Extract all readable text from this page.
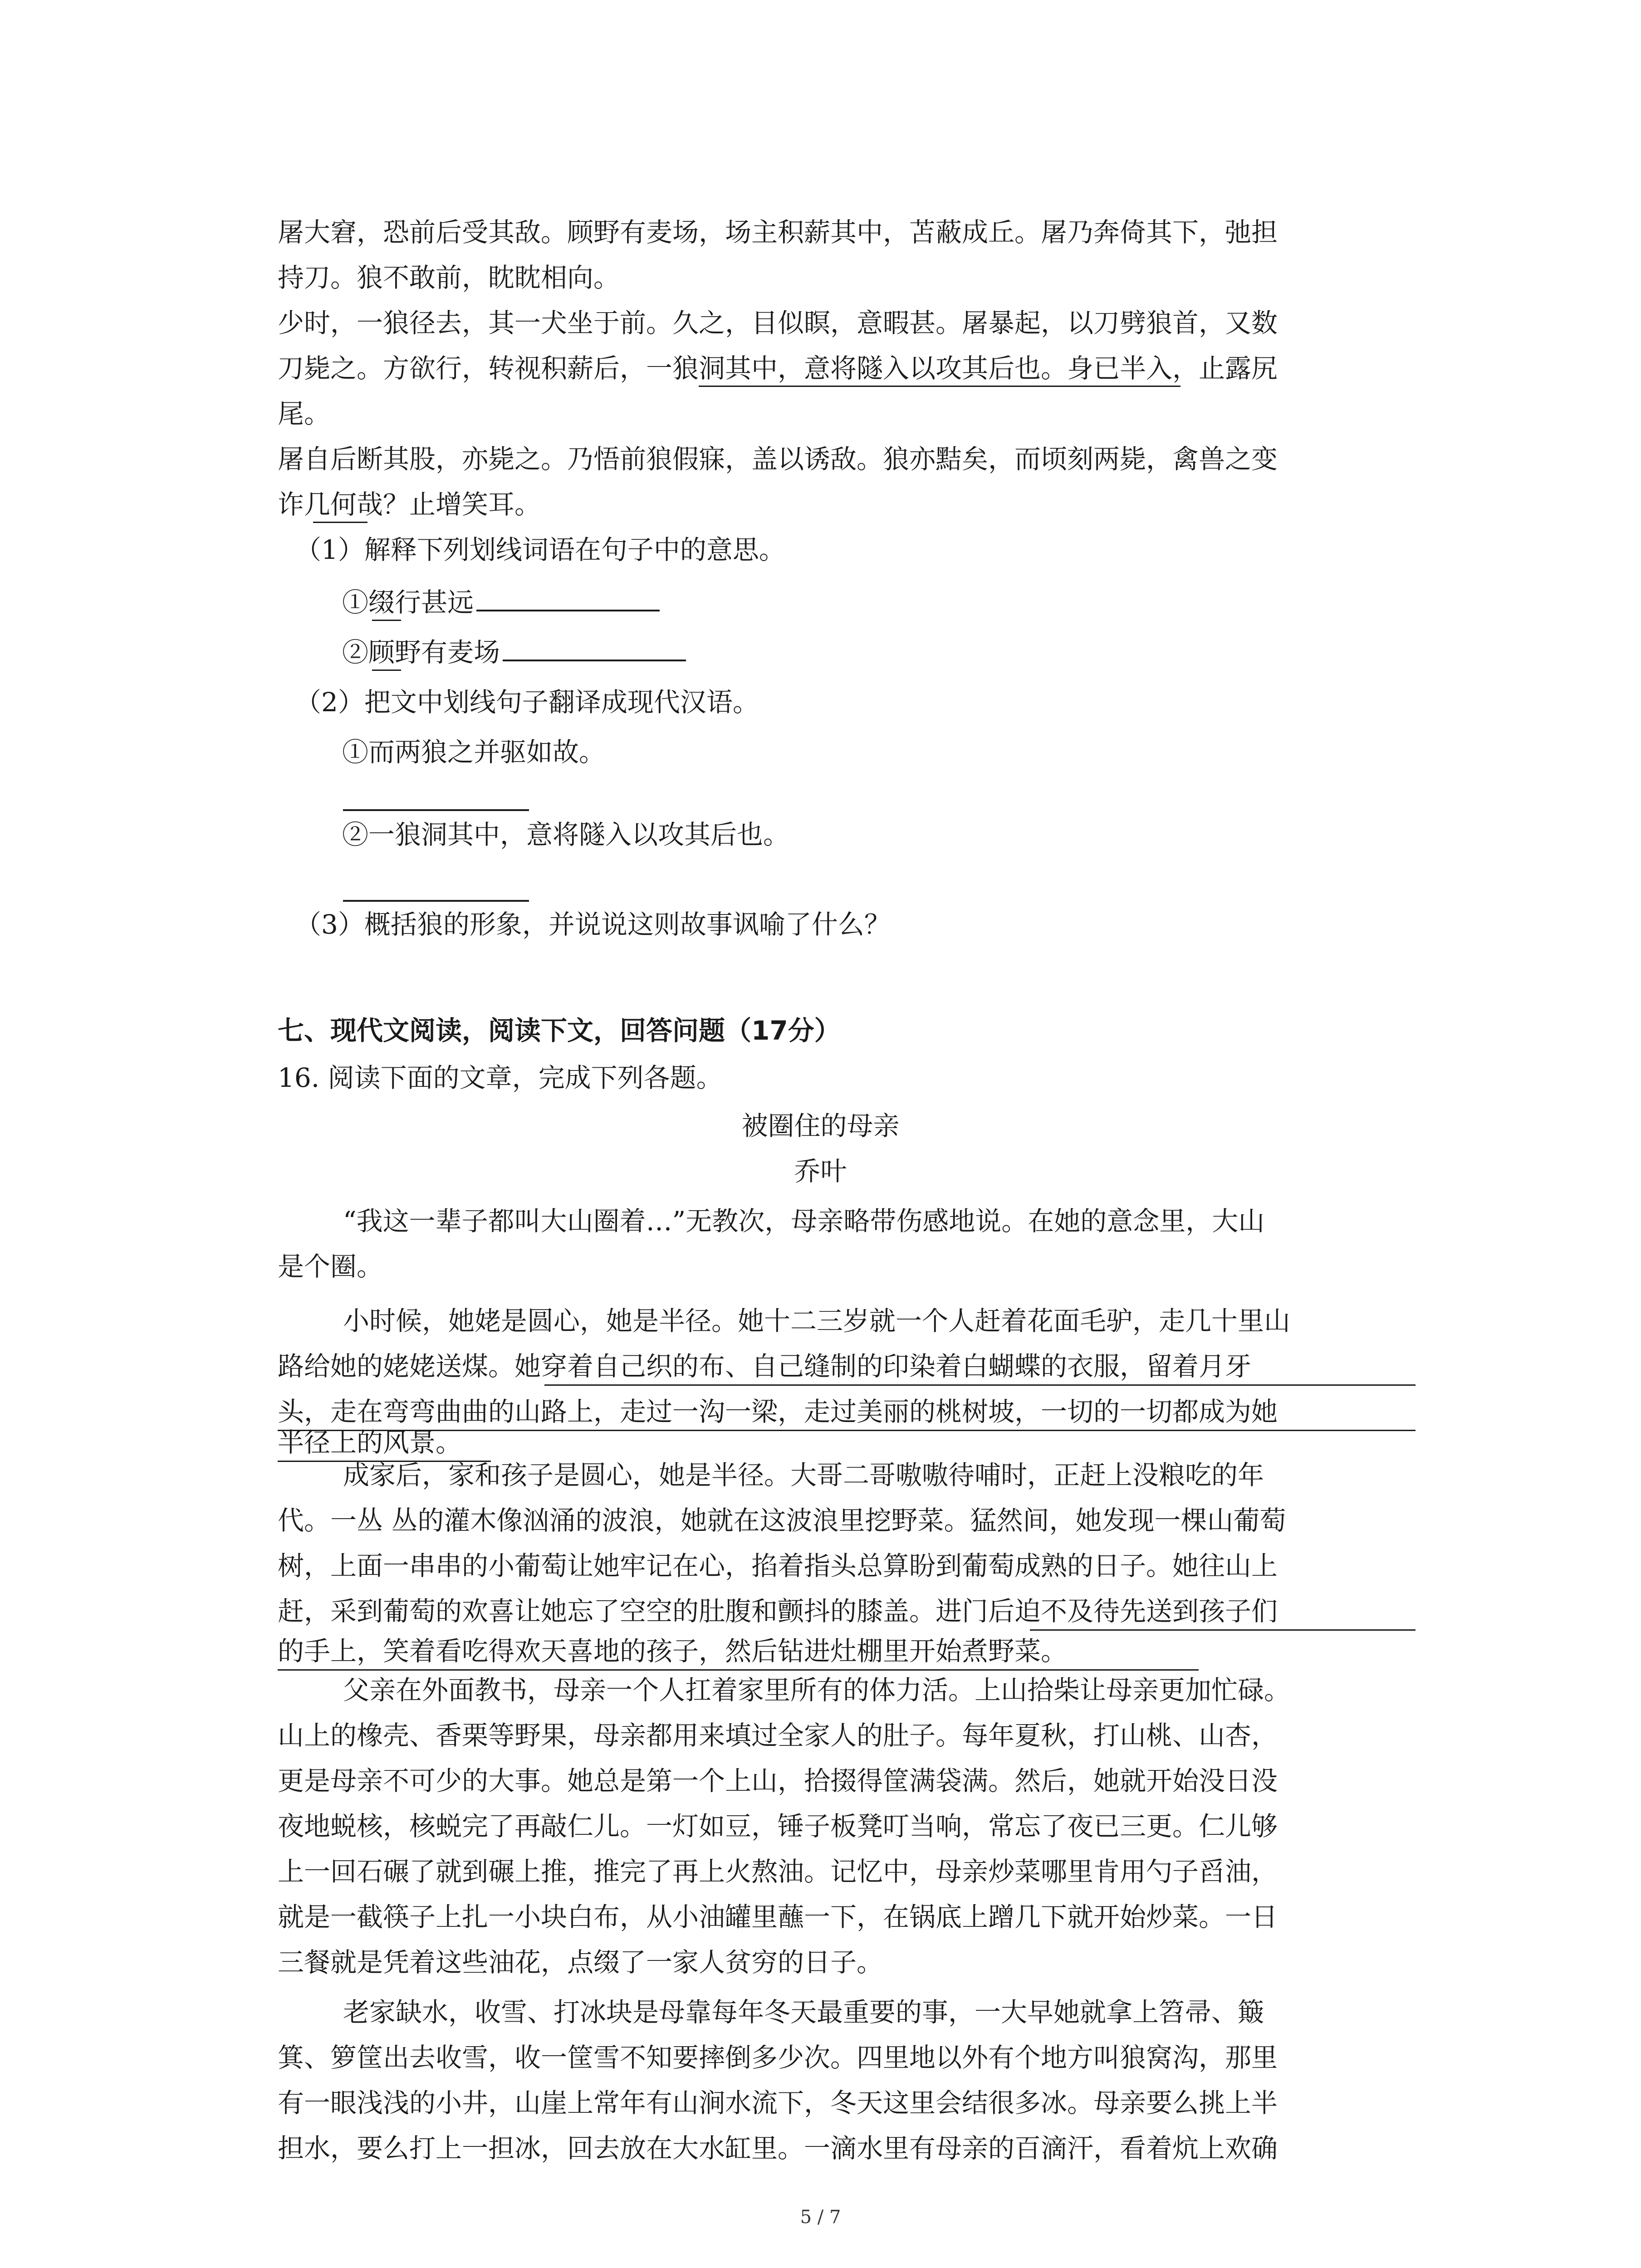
屠大窘，恐前后受其敌。顾野有麦场，场主积薪其中，苫蔽成丘。屠乃奔倚其下，弛担
持刀。狼不敢前，眈眈相向。
少时，一狼径去，其一犬坐于前。久之，目似瞑，意暇甚。屠暴起，以刀劈狼首，又数
刀毙之。方欲行，转视积薪后，一狼洞其中，意将隧入以攻其后也。身已半入，止露尻
尾。
屠自后断其股，亦毙之。乃悟前狼假寐，盖以诱敌。狼亦黠矣，而顷刻两毙，禽兽之变
诈几何哉？止增笑耳。
（1）解释下列划线词语在句子中的意思。
①缀行甚远
②顾野有麦场
（2）把文中划线句子翻译成现代汉语。
①而两狼之并驱如故。
②一狼洞其中，意将隧入以攻其后也。
（3）概括狼的形象，并说说这则故事讽喻了什么？
七、现代文阅读，阅读下文，回答问题（17分）
16. 阅读下面的文章，完成下列各题。
被圈住的母亲
乔叶
“我这一辈子都叫大山圈着…”无教次，母亲略带伤感地说。在她的意念里，大山
是个圈。
小时候，她姥是圆心，她是半径。她十二三岁就一个人赶着花面毛驴，走几十里山
路给她的姥姥送煤。她穿着自己织的布、自己缝制的印染着白蝴蝶的衣服，留着月牙
头，走在弯弯曲曲的山路上，走过一沟一梁，走过美丽的桃树坡，一切的一切都成为她
半径上的风景。
成家后，家和孩子是圆心，她是半径。大哥二哥嗷嗷待哺时，正赶上没粮吃的年
代。一丛 丛的灌木像汹涌的波浪，她就在这波浪里挖野菜。猛然间，她发现一棵山葡萄
树，上面一串串的小葡萄让她牢记在心，掐着指头总算盼到葡萄成熟的日子。她往山上
赶，采到葡萄的欢喜让她忘了空空的肚腹和颤抖的膝盖。进门后迫不及待先送到孩子们
的手上，笑着看吃得欢天喜地的孩子，然后钻进灶棚里开始煮野菜。
父亲在外面教书，母亲一个人扛着家里所有的体力活。上山拾柴让母亲更加忙碌。
山上的橡壳、香栗等野果，母亲都用来填过全家人的肚子。每年夏秋，打山桃、山杏，
更是母亲不可少的大事。她总是第一个上山，拾掇得筐满袋满。然后，她就开始没日没
夜地蜕核，核蜕完了再敲仁儿。一灯如豆，锤子板凳叮当响，常忘了夜已三更。仁儿够
上一回石碾了就到碾上推，推完了再上火熬油。记忆中，母亲炒菜哪里肯用勺子舀油，
就是一截筷子上扎一小块白布，从小油罐里蘸一下，在锅底上蹭几下就开始炒菜。一日
三餐就是凭着这些油花，点缀了一家人贫穷的日子。
老家缺水，收雪、打冰块是母靠每年冬天最重要的事，一大早她就拿上笤帚、簸
箕、箩筐出去收雪，收一筐雪不知要摔倒多少次。四里地以外有个地方叫狼窝沟，那里
有一眼浅浅的小井，山崖上常年有山涧水流下，冬天这里会结很多冰。母亲要么挑上半
担水，要么打上一担冰，回去放在大水缸里。一滴水里有母亲的百滴汗，看着炕上欢确
5 / 7
